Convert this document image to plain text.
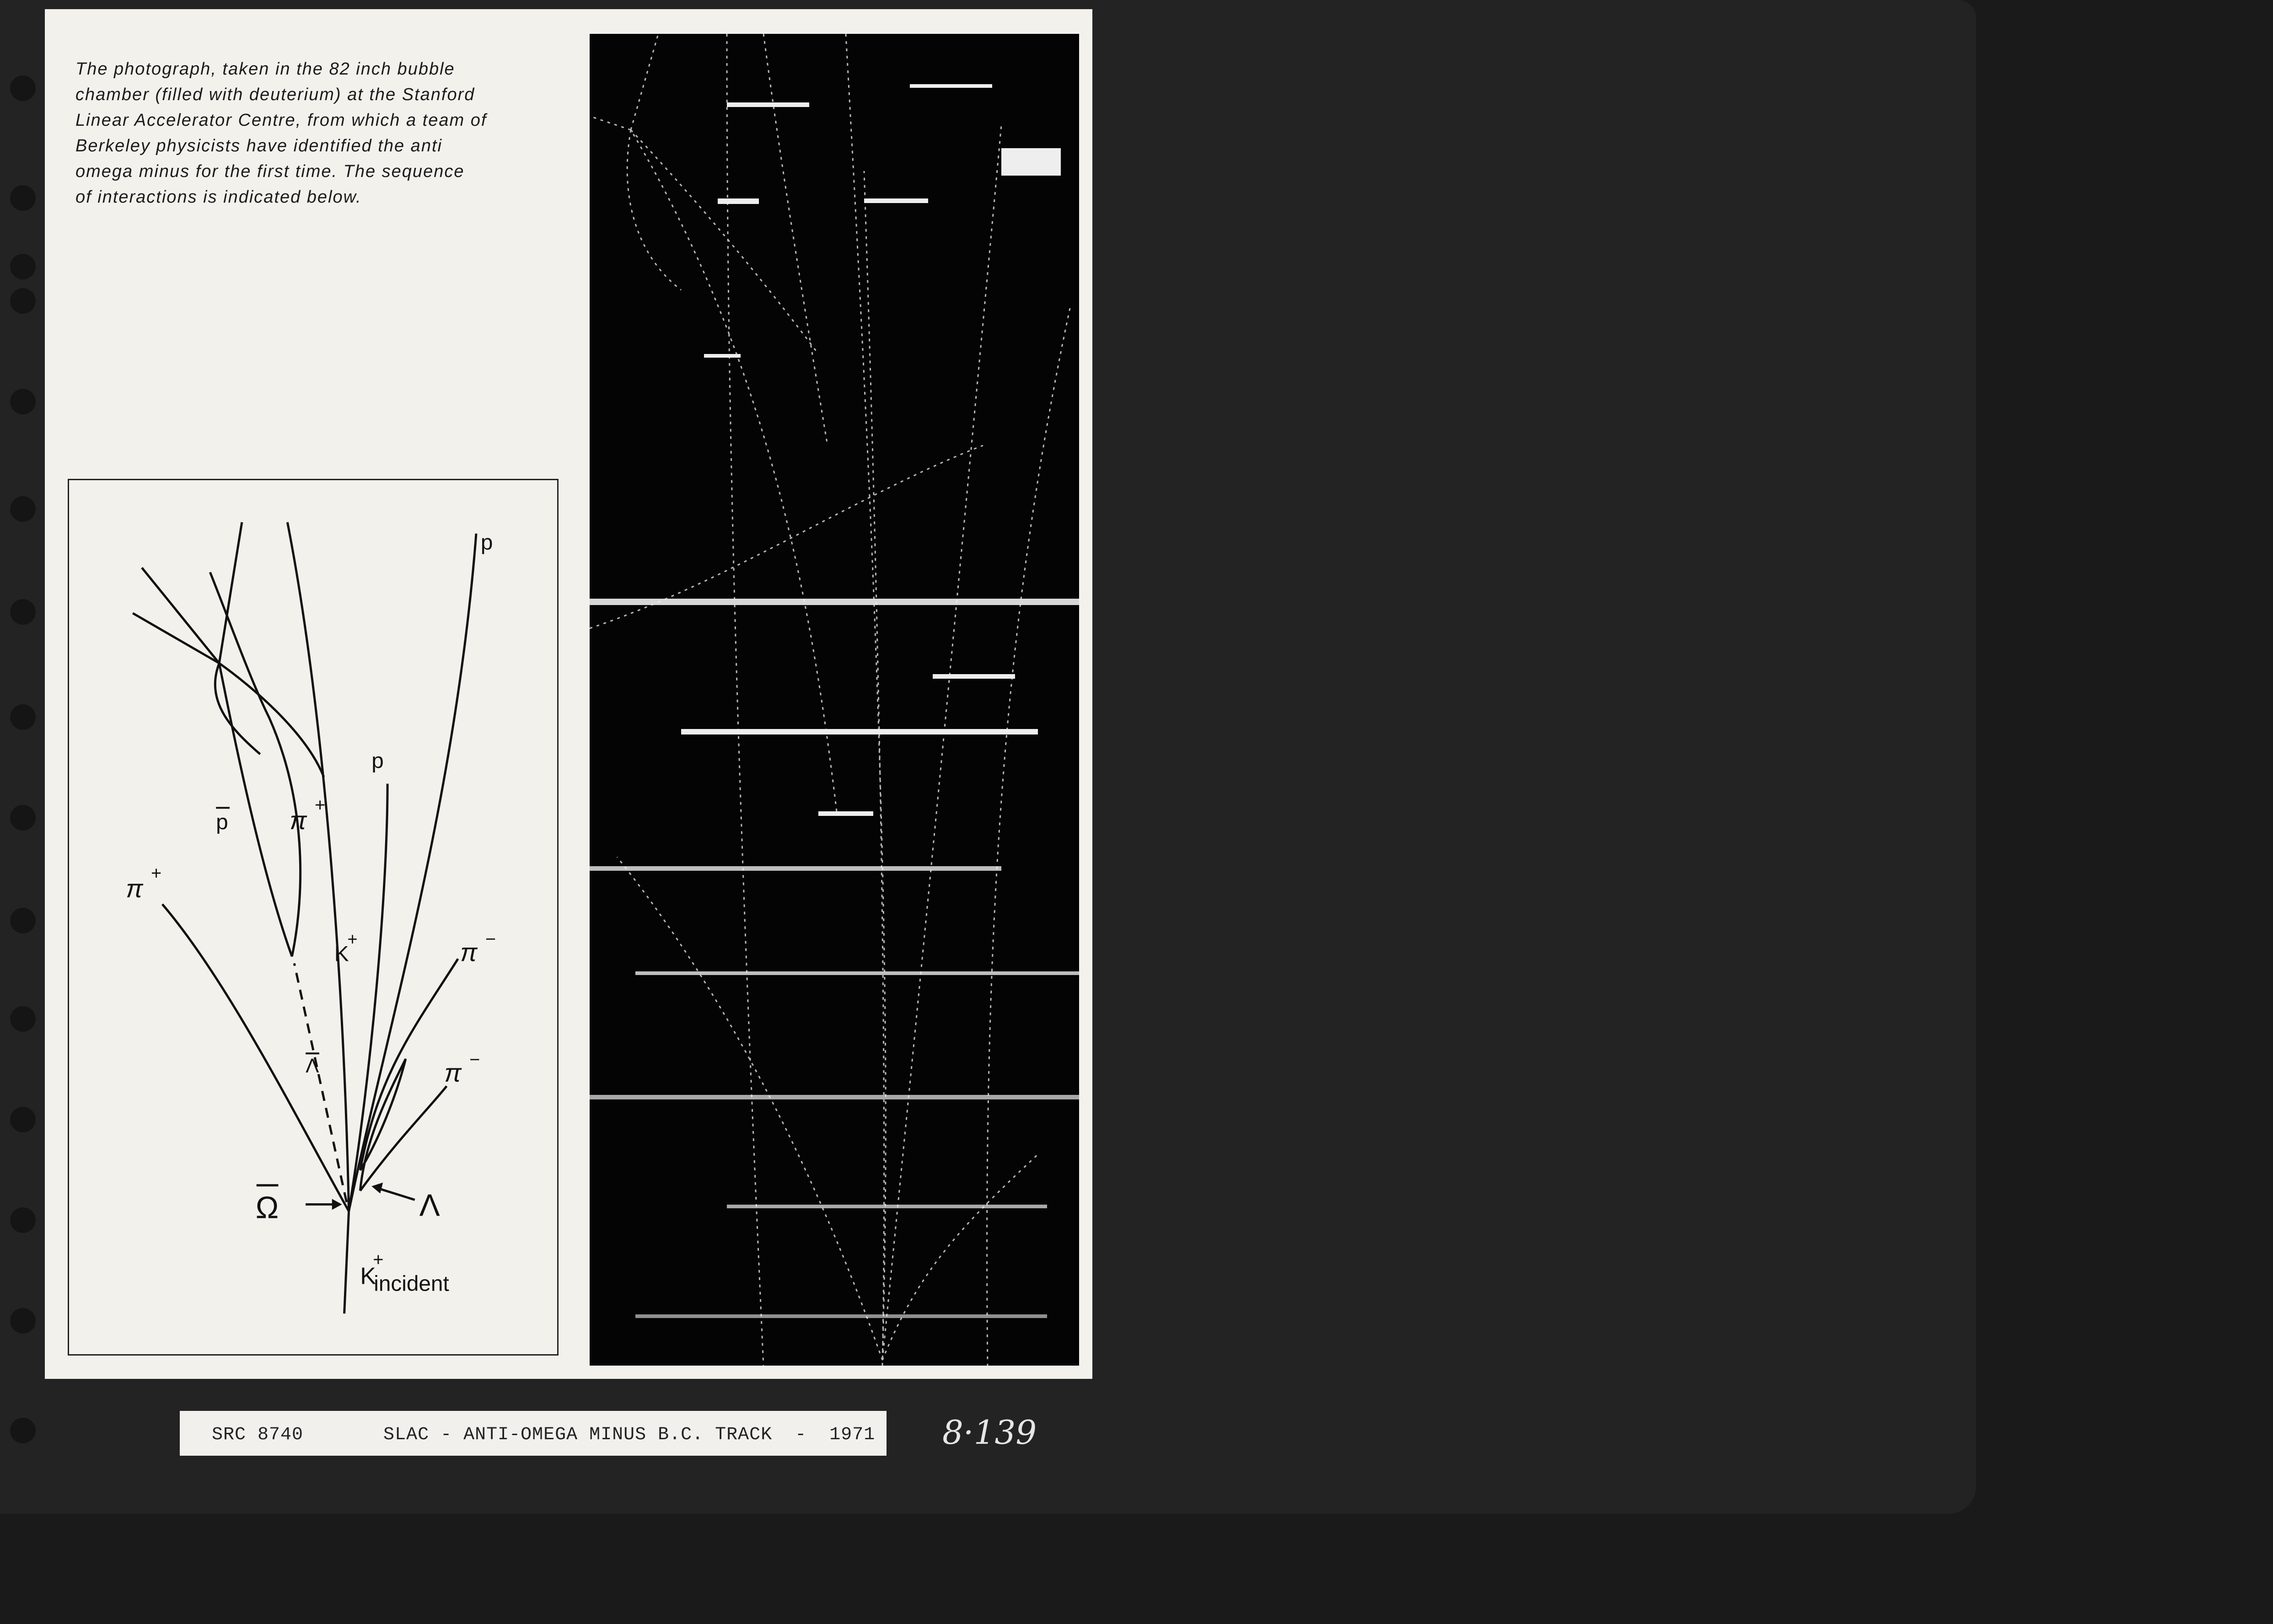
The photograph, taken in the 82 inch bubble
chamber (filled with deuterium) at the Stanford
Linear Accelerator Centre, from which a team of
Berkeley physicists have identified the anti
omega minus for the first time. The sequence
of interactions is indicated below.
p
p
p π
+
π
+
K
+	π −
π −
Λ
Ω	Λ
K
+
incident
SRC 8740       SLAC - ANTI-OMEGA MINUS B.C. TRACK  -  1971 8·139
